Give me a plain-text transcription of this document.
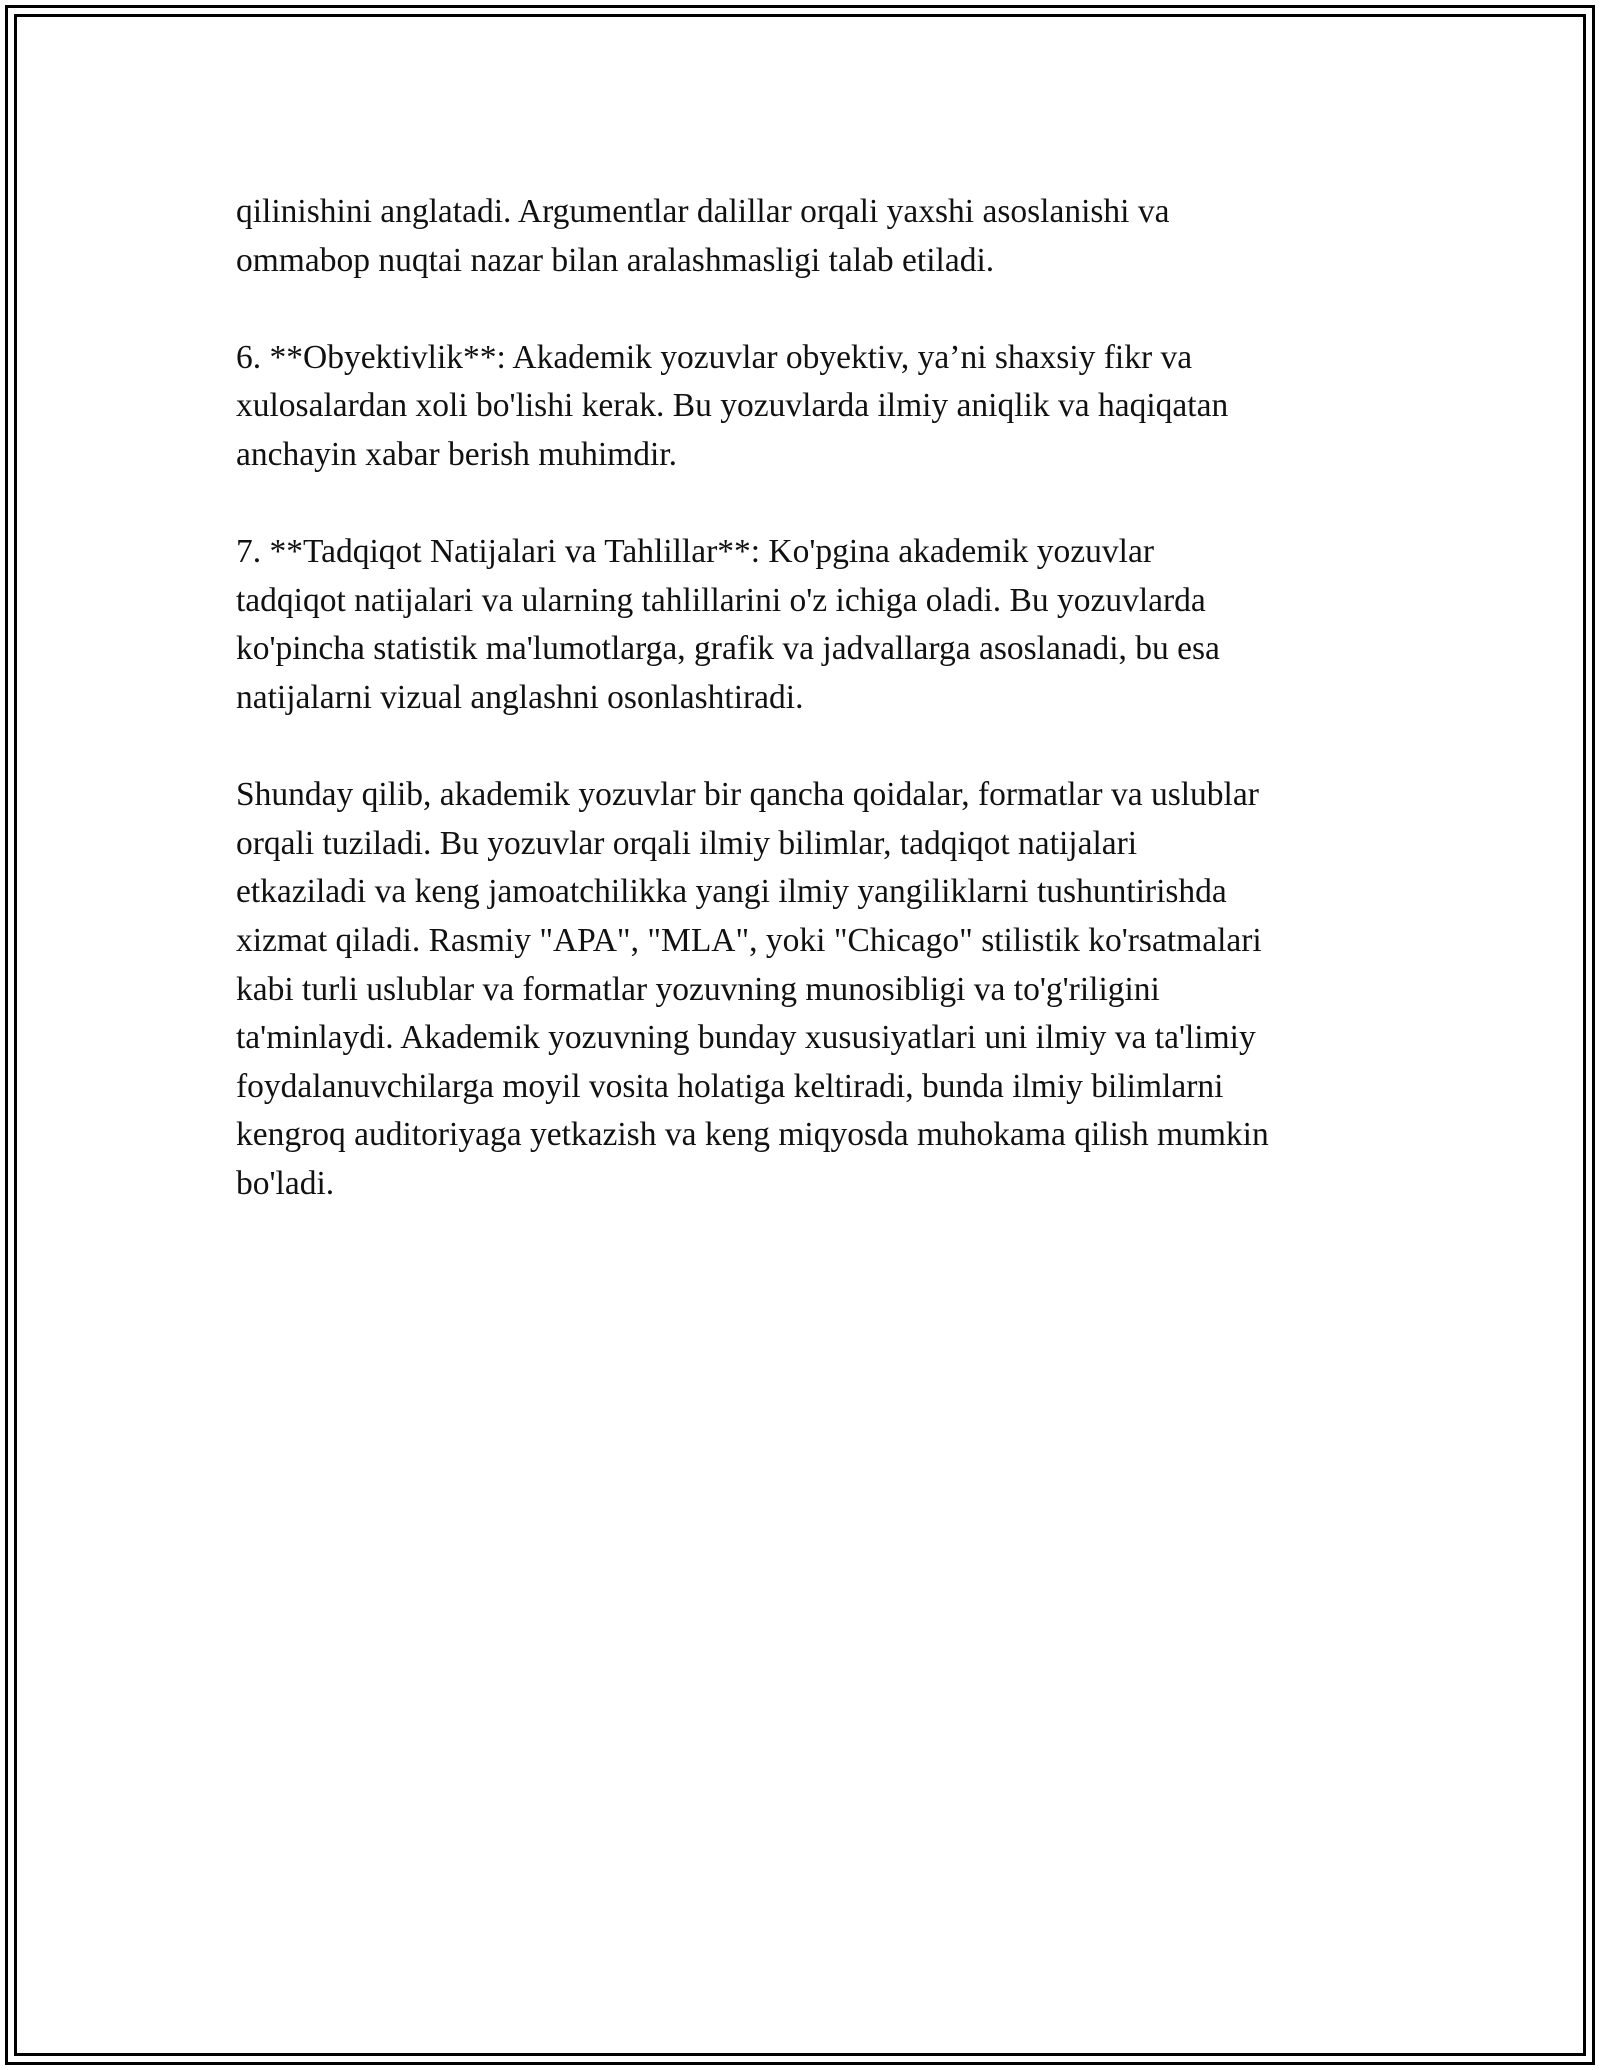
qilinishini anglatadi. Argumentlar dalillar orqali yaxshi asoslanishi va
ommabop nuqtai nazar bilan aralashmasligi talab etiladi.

6. **Obyektivlik**: Akademik yozuvlar obyektiv, ya’ni shaxsiy fikr va
xulosalardan xoli bo'lishi kerak. Bu yozuvlarda ilmiy aniqlik va haqiqatan
anchayin xabar berish muhimdir.

7. **Tadqiqot Natijalari va Tahlillar**: Ko'pgina akademik yozuvlar
tadqiqot natijalari va ularning tahlillarini o'z ichiga oladi. Bu yozuvlarda
ko'pincha statistik ma'lumotlarga, grafik va jadvallarga asoslanadi, bu esa
natijalarni vizual anglashni osonlashtiradi.

Shunday qilib, akademik yozuvlar bir qancha qoidalar, formatlar va uslublar
orqali tuziladi. Bu yozuvlar orqali ilmiy bilimlar, tadqiqot natijalari
etkaziladi va keng jamoatchilikka yangi ilmiy yangiliklarni tushuntirishda
xizmat qiladi. Rasmiy "APA", "MLA", yoki "Chicago" stilistik ko'rsatmalari
kabi turli uslublar va formatlar yozuvning munosibligi va to'g'riligini
ta'minlaydi. Akademik yozuvning bunday xususiyatlari uni ilmiy va ta'limiy
foydalanuvchilarga moyil vosita holatiga keltiradi, bunda ilmiy bilimlarni
kengroq auditoriyaga yetkazish va keng miqyosda muhokama qilish mumkin
bo'ladi.
